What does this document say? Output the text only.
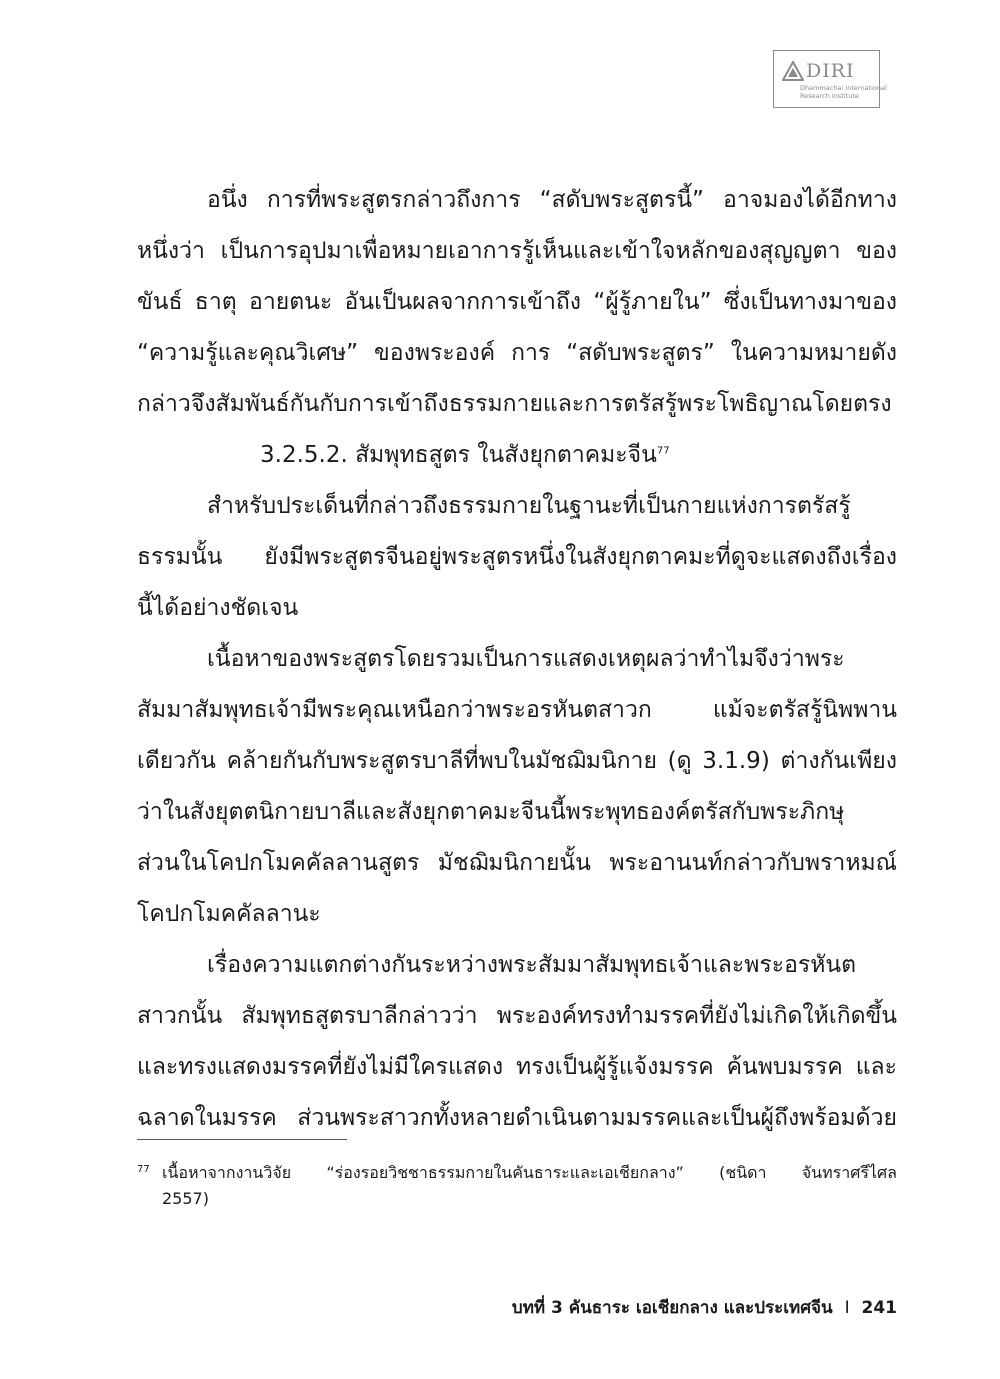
DIRI
Dhammachai International
Research Institute
อนึ่ง การที่พระสูตรกล่าวถึงการ “สดับพระสูตรนี้” อาจมองได้อีกทาง
หนึ่งว่า เป็นการอุปมาเพื่อหมายเอาการรู้เห็นและเข้าใจหลักของสุญญตา ของ
ขันธ์ ธาตุ อายตนะ อันเป็นผลจากการเข้าถึง “ผู้รู้ภายใน” ซึ่งเป็นทางมาของ
“ความรู้และคุณวิเศษ” ของพระองค์ การ “สดับพระสูตร” ในความหมายดัง
กล่าวจึงสัมพันธ์กันกับการเข้าถึงธรรมกายและการตรัสรู้พระโพธิญาณโดยตรง
3.2.5.2. สัมพุทธสูตร ในสังยุกตาคมะจีน$^{77}$
สำหรับประเด็นที่กล่าวถึงธรรมกายในฐานะที่เป็นกายแห่งการตรัสรู้
ธรรมนั้น ยังมีพระสูตรจีนอยู่พระสูตรหนึ่งในสังยุกตาคมะที่ดูจะแสดงถึงเรื่อง
นี้ได้อย่างชัดเจน
เนื้อหาของพระสูตรโดยรวมเป็นการแสดงเหตุผลว่าทำไมจึงว่าพระ
สัมมาสัมพุทธเจ้ามีพระคุณเหนือกว่าพระอรหันตสาวก แม้จะตรัสรู้นิพพาน
เดียวกัน คล้ายกันกับพระสูตรบาลีที่พบในมัชฌิมนิกาย (ดู 3.1.9) ต่างกันเพียง
ว่าในสังยุตตนิกายบาลีและสังยุกตาคมะจีนนี้พระพุทธองค์ตรัสกับพระภิกษุ
ส่วนในโคปกโมคคัลลานสูตร มัชฌิมนิกายนั้น พระอานนท์กล่าวกับพราหมณ์
โคปกโมคคัลลานะ
เรื่องความแตกต่างกันระหว่างพระสัมมาสัมพุทธเจ้าและพระอรหันต
สาวกนั้น สัมพุทธสูตรบาลีกล่าวว่า พระองค์ทรงทำมรรคที่ยังไม่เกิดให้เกิดขึ้น
และทรงแสดงมรรคที่ยังไม่มีใครแสดง ทรงเป็นผู้รู้แจ้งมรรค ค้นพบมรรค และ
ฉลาดในมรรค ส่วนพระสาวกทั้งหลายดำเนินตามมรรคและเป็นผู้ถึงพร้อมด้วย
77 เนื้อหาจากงานวิจัย “ร่องรอยวิชชาธรรมกายในคันธาระและเอเชียกลาง” (ชนิดา จันทราศรีไศล
2557)
บทที่ 3 คันธาระ เอเชียกลาง และประเทศจีน I 241
